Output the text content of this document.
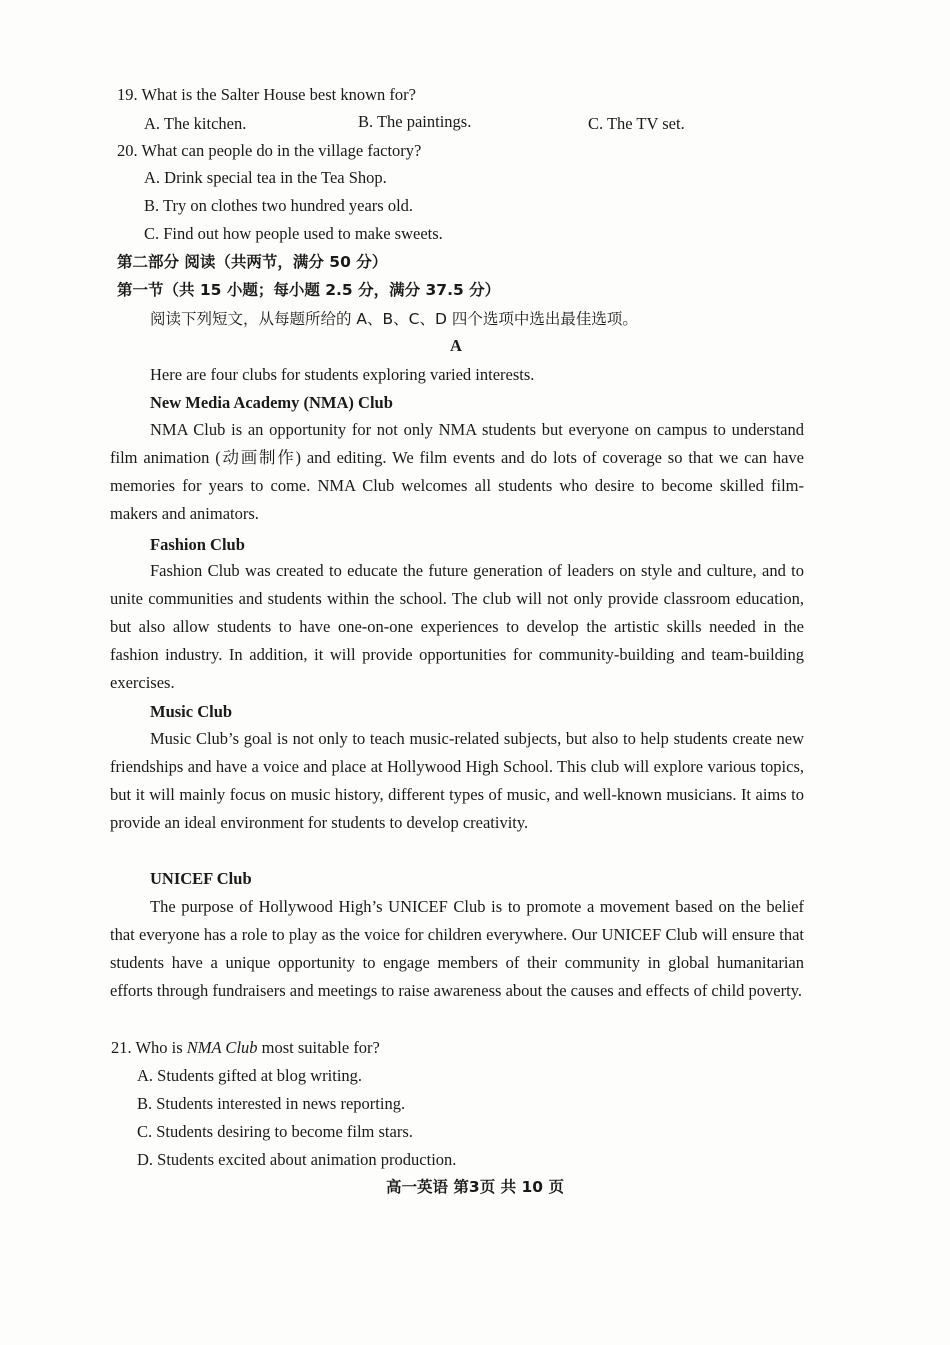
19. What is the Salter House best known for?
A. The kitchen.	B. The paintings.	C. The TV set.
20. What can people do in the village factory?
A. Drink special tea in the Tea Shop.
B. Try on clothes two hundred years old.
C. Find out how people used to make sweets.
第二部分 阅读（共两节，满分 50 分）
第一节（共 15 小题；每小题 2.5 分，满分 37.5 分）
阅读下列短文，从每题所给的 A、B、C、D 四个选项中选出最佳选项。
A
Here are four clubs for students exploring varied interests.
New Media Academy (NMA) Club
NMA Club is an opportunity for not only NMA students but everyone on campus to understand film animation (动画制作) and editing. We film events and do lots of coverage so that we can have memories for years to come. NMA Club welcomes all students who desire to become skilled film-makers and animators.
Fashion Club
Fashion Club was created to educate the future generation of leaders on style and culture, and to unite communities and students within the school. The club will not only provide classroom education, but also allow students to have one-on-one experiences to develop the artistic skills needed in the fashion industry. In addition, it will provide opportunities for community-building and team-building exercises.
Music Club
Music Club’s goal is not only to teach music-related subjects, but also to help students create new friendships and have a voice and place at Hollywood High School. This club will explore various topics, but it will mainly focus on music history, different types of music, and well-known musicians. It aims to provide an ideal environment for students to develop creativity.
UNICEF Club
The purpose of Hollywood High’s UNICEF Club is to promote a movement based on the belief that everyone has a role to play as the voice for children everywhere. Our UNICEF Club will ensure that students have a unique opportunity to engage members of their community in global humanitarian efforts through fundraisers and meetings to raise awareness about the causes and effects of child poverty.
21. Who is NMA Club most suitable for?
A. Students gifted at blog writing.
B. Students interested in news reporting.
C. Students desiring to become film stars.
D. Students excited about animation production.
高一英语 第3页 共 10 页
